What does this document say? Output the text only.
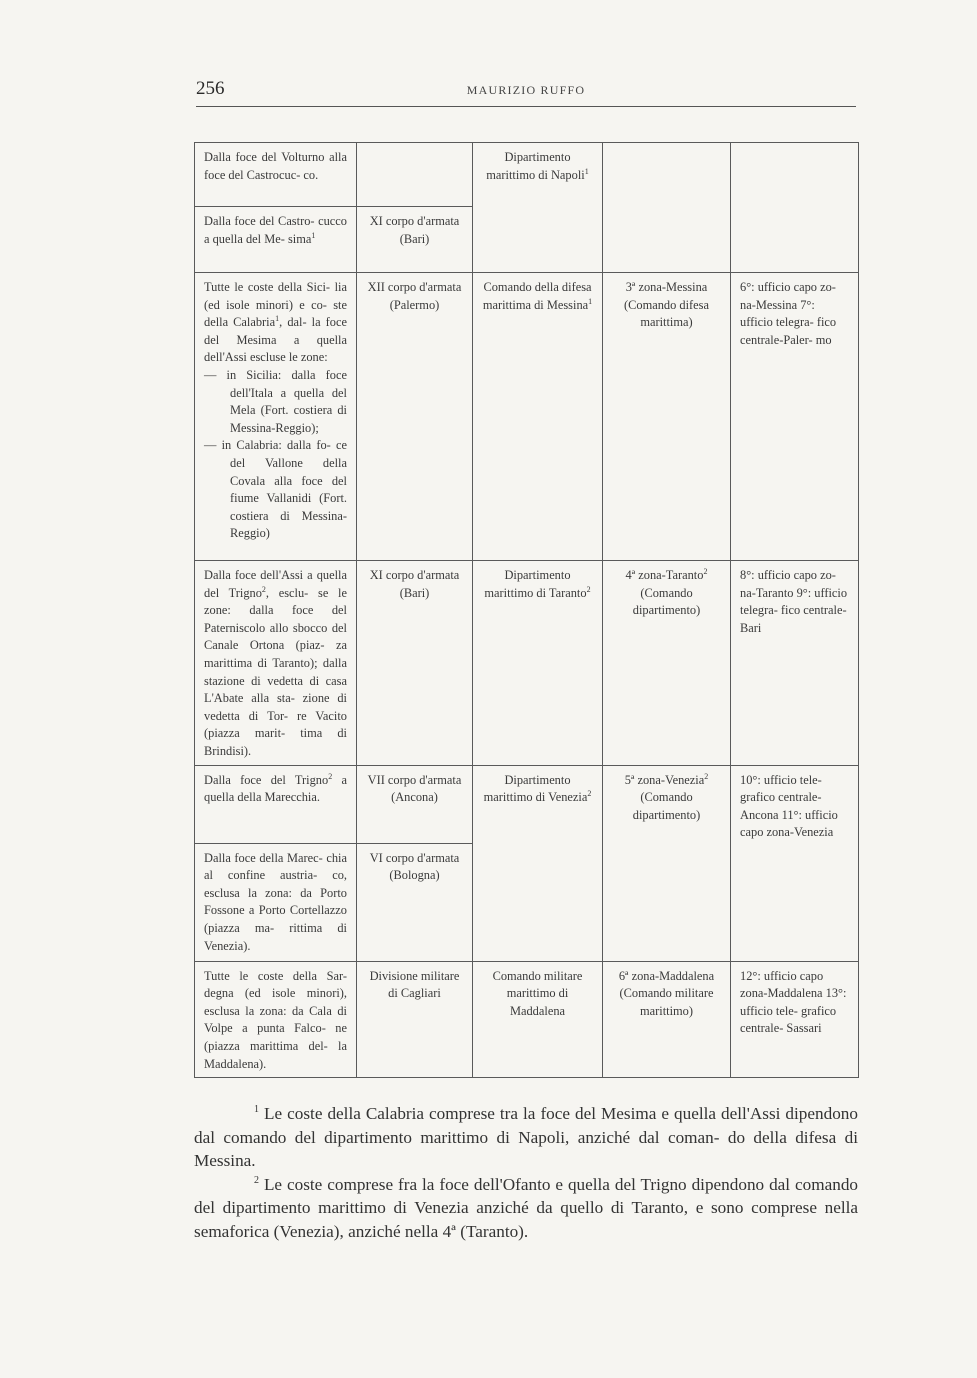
256	MAURIZIO RUFFO
Dalla foce del Volturno alla foce del Castrocuc- co.		Dipartimento marittimo di Napoli$^1$		
Dalla foce del Castro- cucco a quella del Me- sima$^1$	XI corpo d'armata (Bari)			
Tutte le coste della Sici- lia (ed isole minori) e co- ste della Calabria$^1$, dal- la foce del Mesima a quella dell'Assi escluse le zone:
— in Sicilia: dalla foce dell'Itala a quella del Mela (Fort. costiera di Messina-Reggio);
— in Calabria: dalla fo- ce del Vallone della Covala alla foce del fiume Vallanidi (Fort. costiera di Messina-Reggio)	XII corpo d'armata (Palermo)	Comando della difesa marittima di Messina$^1$	3ª zona-Messina (Comando difesa marittima)	6°: ufficio capo zo- na-Messina 7°: ufficio telegra- fico centrale-Paler- mo
Dalla foce dell'Assi a quella del Trigno$^2$, esclu- se le zone: dalla foce del Paterniscolo allo sbocco del Canale Ortona (piaz- za marittima di Taranto); dalla stazione di vedetta di casa L'Abate alla sta- zione di vedetta di Tor- re Vacito (piazza marit- tima di Brindisi).	XI corpo d'armata (Bari)	Dipartimento marittimo di Taranto$^2$	4ª zona-Taranto$^2$ (Comando dipartimento)	8°: ufficio capo zo- na-Taranto 9°: ufficio telegra- fico centrale-Bari
Dalla foce del Trigno$^2$ a quella della Marecchia.	VII corpo d'armata (Ancona)	Dipartimento marittimo di Venezia$^2$	5ª zona-Venezia$^2$ (Comando dipartimento)	10°: ufficio tele- grafico centrale- Ancona 11°: ufficio capo zona-Venezia
Dalla foce della Marec- chia al confine austria- co, esclusa la zona: da Porto Fossone a Porto Cortellazzo (piazza ma- rittima di Venezia).	VI corpo d'armata (Bologna)			
Tutte le coste della Sar- degna (ed isole minori), esclusa la zona: da Cala di Volpe a punta Falco- ne (piazza marittima del- la Maddalena).	Divisione militare di Cagliari	Comando militare marittimo di Maddalena	6ª zona-Maddalena (Comando militare marittimo)	12°: ufficio capo zona-Maddalena 13°: ufficio tele- grafico centrale- Sassari

$^1$ Le coste della Calabria comprese tra la foce del Mesima e quella dell'Assi dipendono dal comando del dipartimento marittimo di Napoli, anziché dal coman- do della difesa di Messina.

$^2$ Le coste comprese fra la foce dell'Ofanto e quella del Trigno dipendono dal comando del dipartimento marittimo di Venezia anziché da quello di Taranto, e sono comprese nella semaforica (Venezia), anziché nella 4ª (Taranto).
